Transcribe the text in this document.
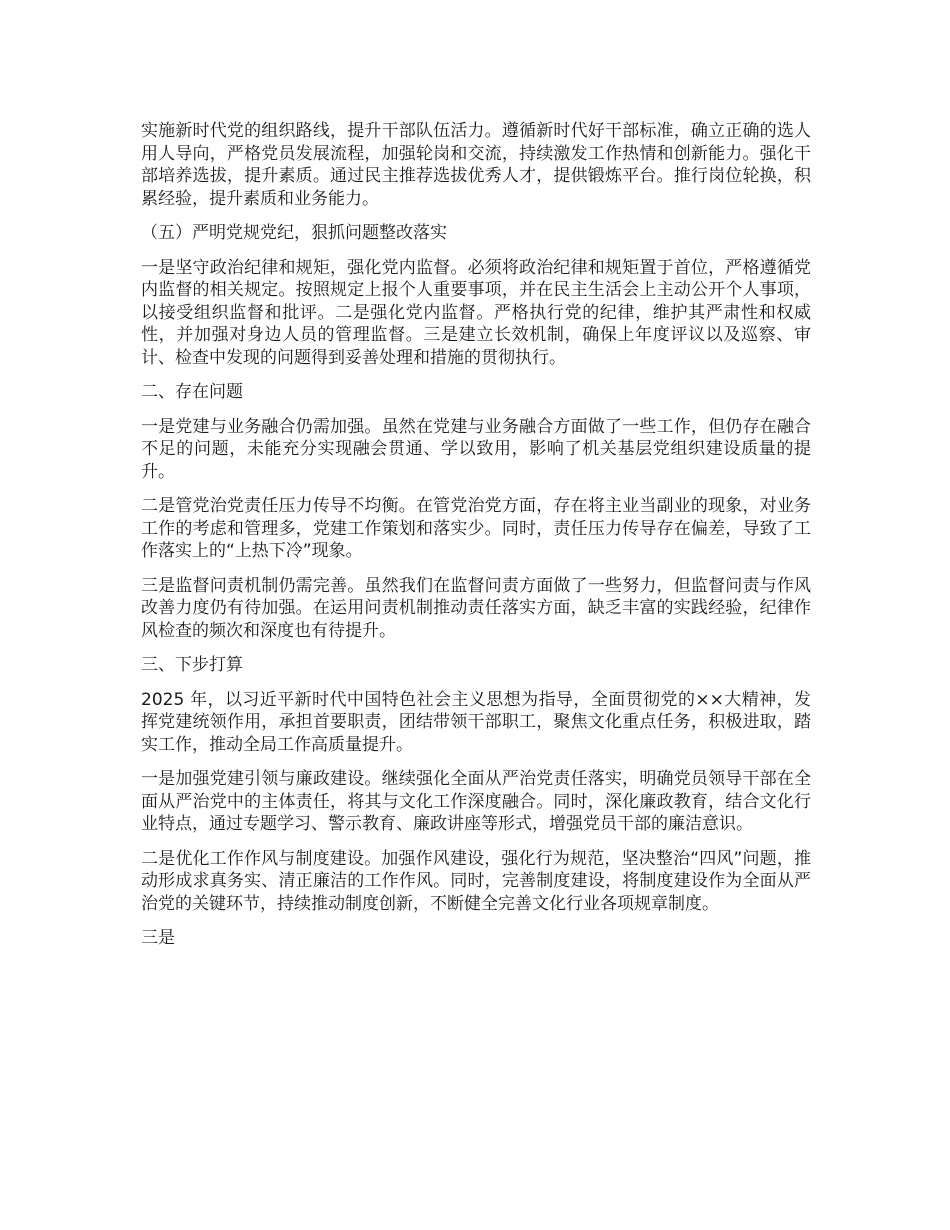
实施新时代党的组织路线，提升干部队伍活力。遵循新时代好干部标准，确立正确的选人用人导向，严格党员发展流程，加强轮岗和交流，持续激发工作热情和创新能力。强化干部培养选拔，提升素质。通过民主推荐选拔优秀人才，提供锻炼平台。推行岗位轮换，积累经验，提升素质和业务能力。

（五）严明党规党纪，狠抓问题整改落实

一是坚守政治纪律和规矩，强化党内监督。必须将政治纪律和规矩置于首位，严格遵循党内监督的相关规定。按照规定上报个人重要事项，并在民主生活会上主动公开个人事项，以接受组织监督和批评。二是强化党内监督。严格执行党的纪律，维护其严肃性和权威性，并加强对身边人员的管理监督。三是建立长效机制，确保上年度评议以及巡察、审计、检查中发现的问题得到妥善处理和措施的贯彻执行。

二、存在问题

一是党建与业务融合仍需加强。虽然在党建与业务融合方面做了一些工作，但仍存在融合不足的问题，未能充分实现融会贯通、学以致用，影响了机关基层党组织建设质量的提升。

二是管党治党责任压力传导不均衡。在管党治党方面，存在将主业当副业的现象，对业务工作的考虑和管理多，党建工作策划和落实少。同时，责任压力传导存在偏差，导致了工作落实上的“上热下冷”现象。

三是监督问责机制仍需完善。虽然我们在监督问责方面做了一些努力，但监督问责与作风改善力度仍有待加强。在运用问责机制推动责任落实方面，缺乏丰富的实践经验，纪律作风检查的频次和深度也有待提升。

三、下步打算

2025 年，以习近平新时代中国特色社会主义思想为指导，全面贯彻党的××大精神，发挥党建统领作用，承担首要职责，团结带领干部职工，聚焦文化重点任务，积极进取，踏实工作，推动全局工作高质量提升。

一是加强党建引领与廉政建设。继续强化全面从严治党责任落实，明确党员领导干部在全面从严治党中的主体责任，将其与文化工作深度融合。同时，深化廉政教育，结合文化行业特点，通过专题学习、警示教育、廉政讲座等形式，增强党员干部的廉洁意识。

二是优化工作作风与制度建设。加强作风建设，强化行为规范，坚决整治“四风”问题，推动形成求真务实、清正廉洁的工作作风。同时，完善制度建设，将制度建设作为全面从严治党的关键环节，持续推动制度创新，不断健全完善文化行业各项规章制度。

三是
